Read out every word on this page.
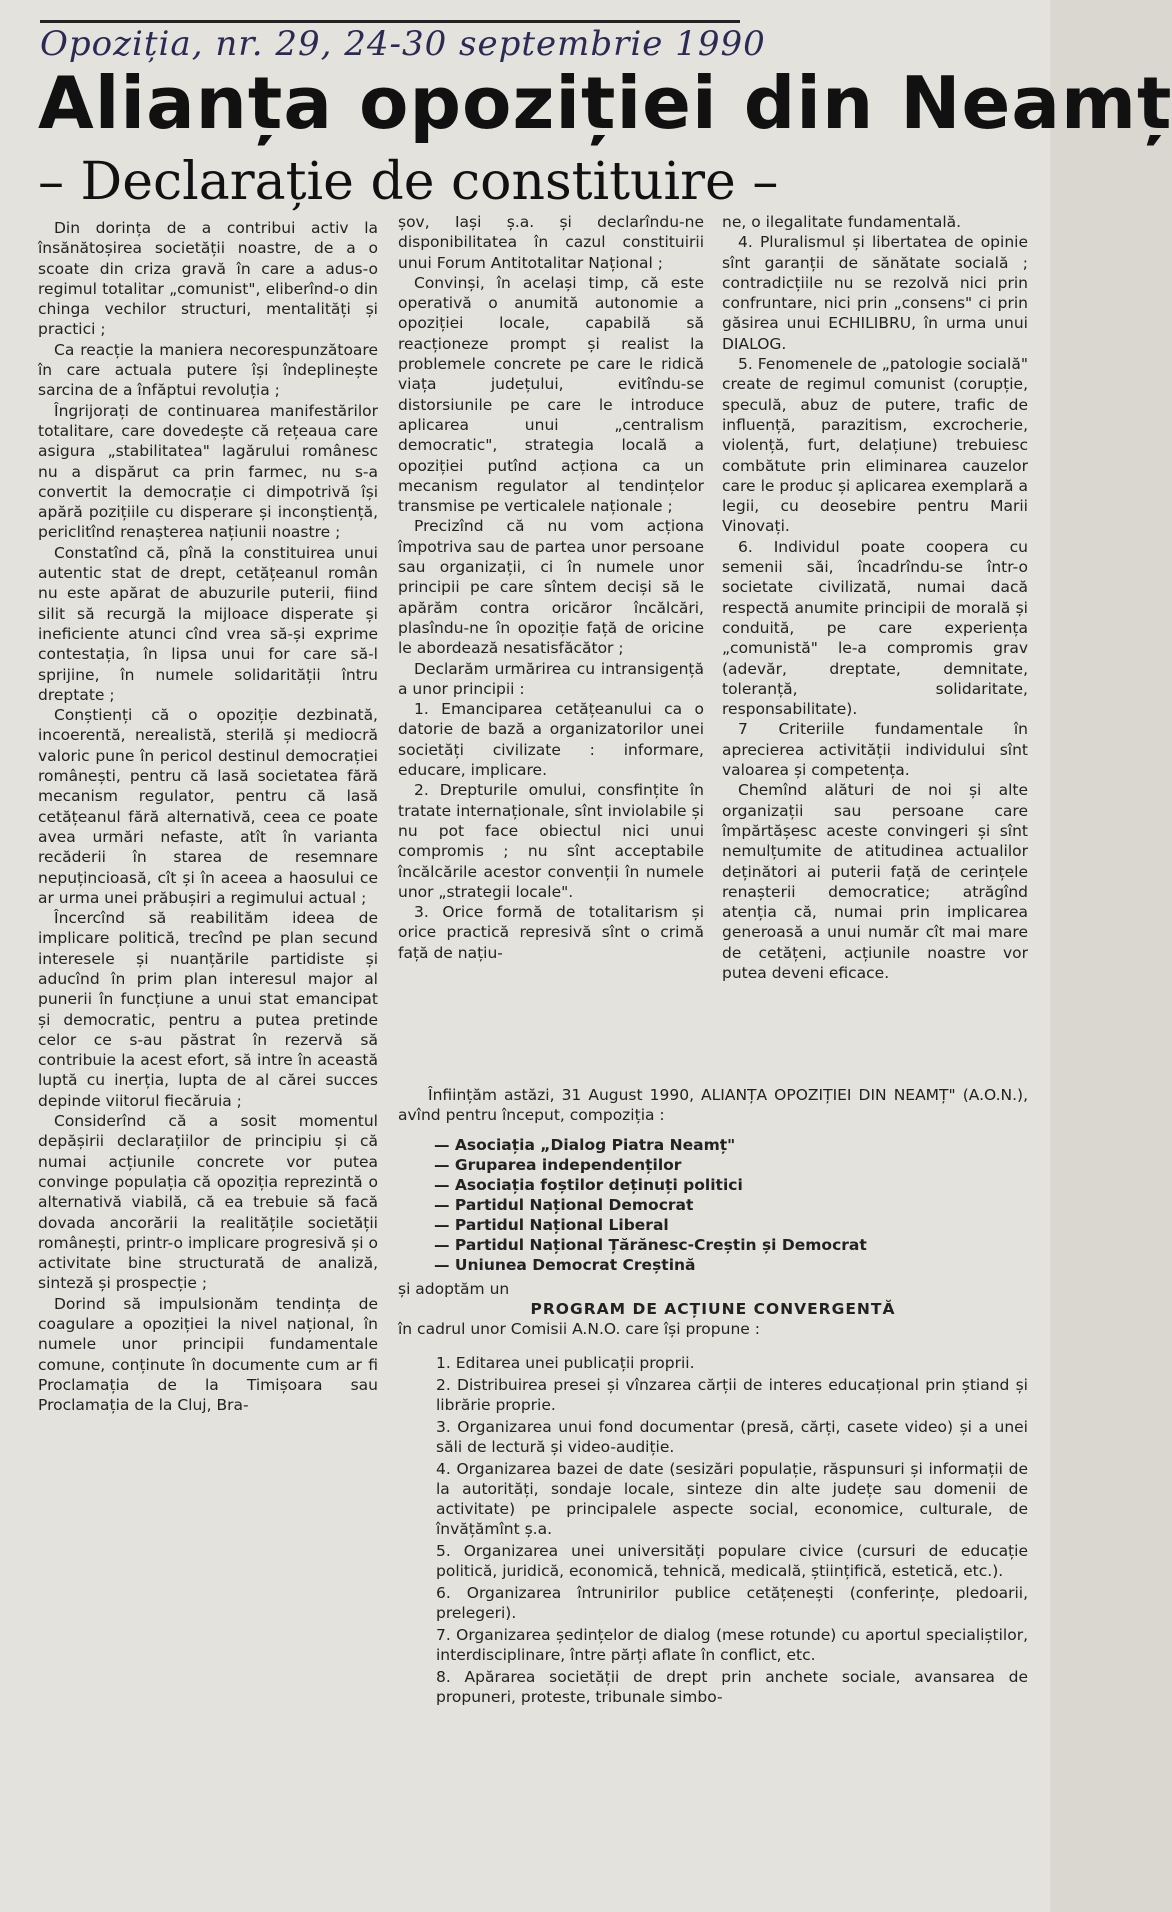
Opoziția, nr. 29, 24-30 septembrie 1990
Alianța opoziției din Neamț
– Declarație de constituire –

Din dorința de a contribui activ la însănătoșirea societății noastre, de a o scoate din criza gravă în care a adus-o regimul totalitar „comunist", eliberînd-o din chinga vechilor structuri, mentalități și practici ;

Ca reacție la maniera necorespunzătoare în care actuala putere își îndeplinește sarcina de a înfăptui revoluția ;

Îngrijorați de continuarea manifestărilor totalitare, care dovedește că rețeaua care asigura „stabilitatea" lagărului românesc nu a dispărut ca prin farmec, nu s-a convertit la democrație ci dimpotrivă își apără pozițiile cu disperare și inconștiență, periclitînd renașterea națiunii noastre ;

Constatînd că, pînă la constituirea unui autentic stat de drept, cetățeanul român nu este apărat de abuzurile puterii, fiind silit să recurgă la mijloace disperate și ineficiente atunci cînd vrea să-și exprime contestația, în lipsa unui for care să-l sprijine, în numele solidarității întru dreptate ;

Conștienți că o opoziție dezbinată, incoerentă, nerealistă, sterilă și mediocră valoric pune în pericol destinul democrației românești, pentru că lasă societatea fără mecanism regulator, pentru că lasă cetățeanul fără alternativă, ceea ce poate avea urmări nefaste, atît în varianta recăderii în starea de resemnare nepuțincioasă, cît și în aceea a haosului ce ar urma unei prăbușiri a regimului actual ;

Încercînd să reabilităm ideea de implicare politică, trecînd pe plan secund interesele și nuanțările partidiste și aducînd în prim plan interesul major al punerii în funcțiune a unui stat emancipat și democratic, pentru a putea pretinde celor ce s-au păstrat în rezervă să contribuie la acest efort, să intre în această luptă cu inerția, lupta de al cărei succes depinde viitorul fiecăruia ;

Considerînd că a sosit momentul depășirii declarațiilor de principiu și că numai acțiunile concrete vor putea convinge populația că opoziția reprezintă o alternativă viabilă, că ea trebuie să facă dovada ancorării la realitățile societății românești, printr-o implicare progresivă și o activitate bine structurată de analiză, sinteză și prospecție ;

Dorind să impulsionăm tendința de coagulare a opoziției la nivel național, în numele unor principii fundamentale comune, conținute în documente cum ar fi Proclamația de la Timișoara sau Proclamația de la Cluj, Bra-

șov, Iași ș.a. și declarîndu-ne disponibilitatea în cazul constituirii unui Forum Antitotalitar Național ;

Convinși, în același timp, că este operativă o anumită autonomie a opoziției locale, capabilă să reacționeze prompt și realist la problemele concrete pe care le ridică viața județului, evitîndu-se distorsiunile pe care le introduce aplicarea unui „centralism democratic", strategia locală a opoziției putînd acționa ca un mecanism regulator al tendințelor transmise pe verticalele naționale ;

Precizînd că nu vom acționa împotriva sau de partea unor persoane sau organizații, ci în numele unor principii pe care sîntem deciși să le apărăm contra oricăror încălcări, plasîndu-ne în opoziție față de oricine le abordează nesatisfăcător ;

Declarăm urmărirea cu intransigență a unor principii :

1. Emanciparea cetățeanului ca o datorie de bază a organizatorilor unei societăți civilizate : informare, educare, implicare.

2. Drepturile omului, consfințite în tratate internaționale, sînt inviolabile și nu pot face obiectul nici unui compromis ; nu sînt acceptabile încălcările acestor convenții în numele unor „strategii locale".

3. Orice formă de totalitarism și orice practică represivă sînt o crimă față de națiu-

ne, o ilegalitate fundamentală.

4. Pluralismul și libertatea de opinie sînt garanții de sănătate socială ; contradicțiile nu se rezolvă nici prin confruntare, nici prin „consens" ci prin găsirea unui ECHILIBRU, în urma unui DIALOG.

5. Fenomenele de „patologie socială" create de regimul comunist (corupție, speculă, abuz de putere, trafic de influență, parazitism, excrocherie, violență, furt, delațiune) trebuiesc combătute prin eliminarea cauzelor care le produc și aplicarea exemplară a legii, cu deosebire pentru Marii Vinovați.

6. Individul poate coopera cu semenii săi, încadrîndu-se într-o societate civilizată, numai dacă respectă anumite principii de morală și conduită, pe care experiența „comunistă" le-a compromis grav (adevăr, dreptate, demnitate, toleranță, solidaritate, responsabilitate).

7 Criteriile fundamentale în aprecierea activității individului sînt valoarea și competența.

Chemînd alături de noi și alte organizații sau persoane care împărtășesc aceste convingeri și sînt nemulțumite de atitudinea actualilor deținători ai puterii față de cerințele renașterii democratice; atrăgînd atenția că, numai prin implicarea generoasă a unui număr cît mai mare de cetățeni, acțiunile noastre vor putea deveni eficace.

Înființăm astăzi, 31 August 1990, ALIANȚA OPOZIȚIEI DIN NEAMȚ" (A.O.N.), avînd pentru început, compoziția :

— Asociația „Dialog Piatra Neamț"
— Gruparea independenților
— Asociația foștilor deținuți politici
— Partidul Național Democrat
— Partidul Național Liberal
— Partidul Național Țărănesc-Creștin și Democrat
— Uniunea Democrat Creștină

și adoptăm un

PROGRAM DE ACȚIUNE CONVERGENTĂ

în cadrul unor Comisii A.N.O. care își propune :

1. Editarea unei publicații proprii.
2. Distribuirea presei și vînzarea cărții de interes educațional prin știand și librărie proprie.
3. Organizarea unui fond documentar (presă, cărți, casete video) și a unei săli de lectură și video-audiție.
4. Organizarea bazei de date (sesizări populație, răspunsuri și informații de la autorități, sondaje locale, sinteze din alte județe sau domenii de activitate) pe principalele aspecte social, economice, culturale, de învățămînt ș.a.
5. Organizarea unei universități populare civice (cursuri de educație politică, juridică, economică, tehnică, medicală, științifică, estetică, etc.).
6. Organizarea întrunirilor publice cetățenești (conferințe, pledoarii, prelegeri).
7. Organizarea ședințelor de dialog (mese rotunde) cu aportul specialiștilor, interdisciplinare, între părți aflate în conflict, etc.
8. Apărarea societății de drept prin anchete sociale, avansarea de propuneri, proteste, tribunale simbo-
